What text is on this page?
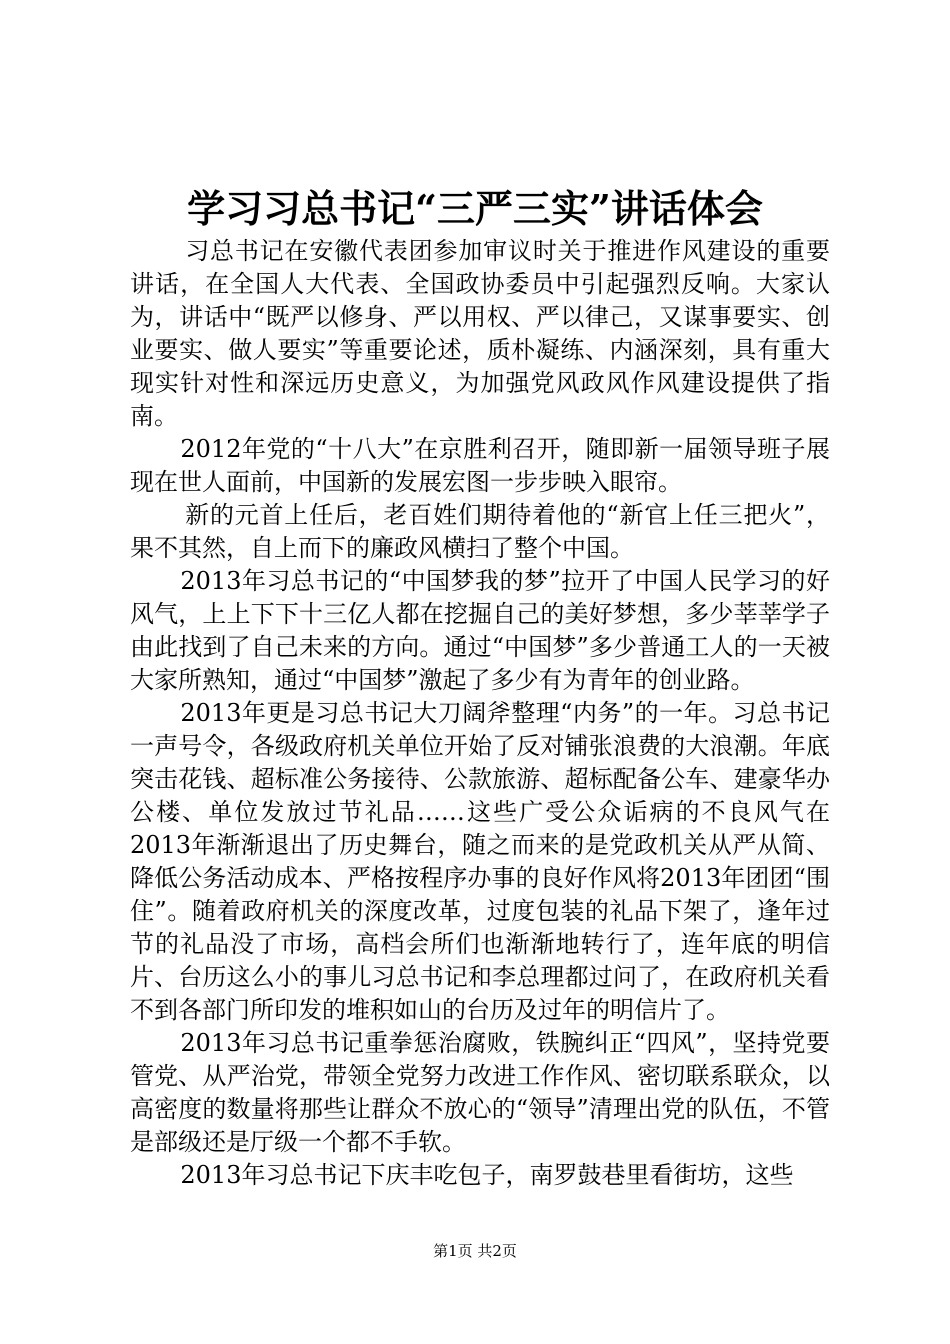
学习习总书记“三严三实”讲话体会

习总书记在安徽代表团参加审议时关于推进作风建设的重要讲话，在全国人大代表、全国政协委员中引起强烈反响。大家认为，讲话中“既严以修身、严以用权、严以律己，又谋事要实、创业要实、做人要实”等重要论述，质朴凝练、内涵深刻，具有重大现实针对性和深远历史意义，为加强党风政风作风建设提供了指南。

2012年党的“十八大”在京胜利召开，随即新一届领导班子展现在世人面前，中国新的发展宏图一步步映入眼帘。

新的元首上任后，老百姓们期待着他的“新官上任三把火”，果不其然，自上而下的廉政风横扫了整个中国。

2013年习总书记的“中国梦我的梦”拉开了中国人民学习的好风气，上上下下十三亿人都在挖掘自己的美好梦想，多少莘莘学子由此找到了自己未来的方向。通过“中国梦”多少普通工人的一天被大家所熟知，通过“中国梦”激起了多少有为青年的创业路。

2013年更是习总书记大刀阔斧整理“内务”的一年。习总书记一声号令，各级政府机关单位开始了反对铺张浪费的大浪潮。年底突击花钱、超标准公务接待、公款旅游、超标配备公车、建豪华办公楼、单位发放过节礼品……这些广受公众诟病的不良风气在2013年渐渐退出了历史舞台，随之而来的是党政机关从严从简、降低公务活动成本、严格按程序办事的良好作风将2013年团团“围住”。随着政府机关的深度改革，过度包装的礼品下架了，逢年过节的礼品没了市场，高档会所们也渐渐地转行了，连年底的明信片、台历这么小的事儿习总书记和李总理都过问了，在政府机关看不到各部门所印发的堆积如山的台历及过年的明信片了。

2013年习总书记重拳惩治腐败，铁腕纠正“四风”，坚持党要管党、从严治党，带领全党努力改进工作作风、密切联系联众，以高密度的数量将那些让群众不放心的“领导”清理出党的队伍，不管是部级还是厅级一个都不手软。

2013年习总书记下庆丰吃包子，南罗鼓巷里看街坊，这些

第1页 共2页
